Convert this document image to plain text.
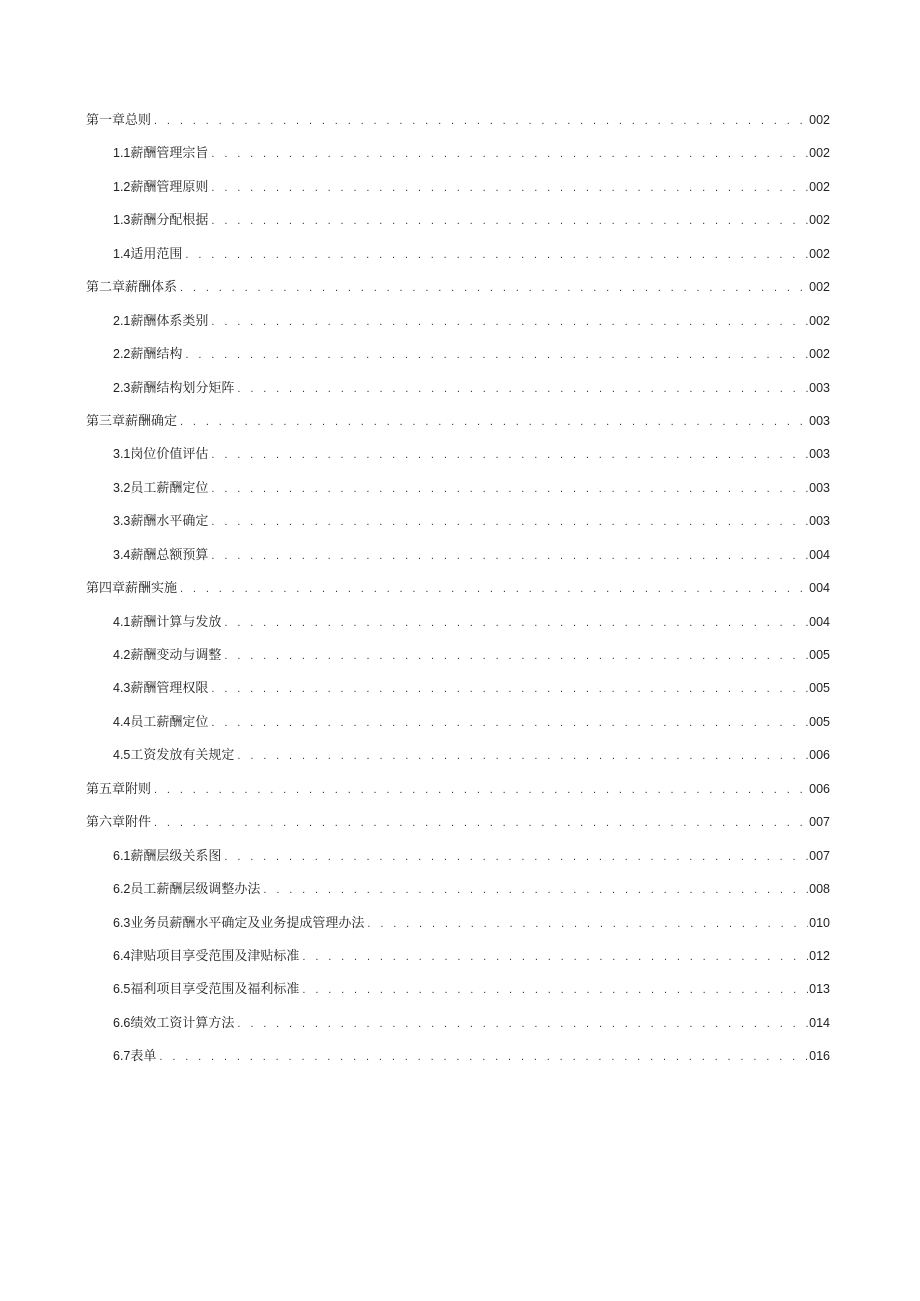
第一章总则 . . .	002
1.1 薪酬管理宗旨 . . .	002
1.2 薪酬管理原则 . . .	002
1.3 薪酬分配根据 . . .	002
1.4 适用范围 . . .	002
第二章薪酬体系 . . .	002
2.1 薪酬体系类别 . . .	002
2.2 薪酬结构 . . .	002
2.3 薪酬结构划分矩阵 . . .	003
第三章薪酬确定 . . .	003
3.1 岗位价值评估 . . .	003
3.2 员工薪酬定位 . . .	003
3.3 薪酬水平确定 . . .	003
3.4 薪酬总额预算 . . .	004
第四章薪酬实施 . . .	004
4.1 薪酬计算与发放 . . .	004
4.2 薪酬变动与调整 . . .	005
4.3 薪酬管理权限 . . .	005
4.4 员工薪酬定位 . . .	005
4.5 工资发放有关规定 . . .	006
第五章附则 . . .	006
第六章附件 . . .	007
6.1 薪酬层级关系图 . . .	007
6.2 员工薪酬层级调整办法 . . .	008
6.3 业务员薪酬水平确定及业务提成管理办法 . . .	010
6.4 津贴项目享受范围及津贴标准 . . .	012
6.5 福利项目享受范围及福利标准 . . .	013
6.6 绩效工资计算方法 . . .	014
6.7 表单 . . .	016
